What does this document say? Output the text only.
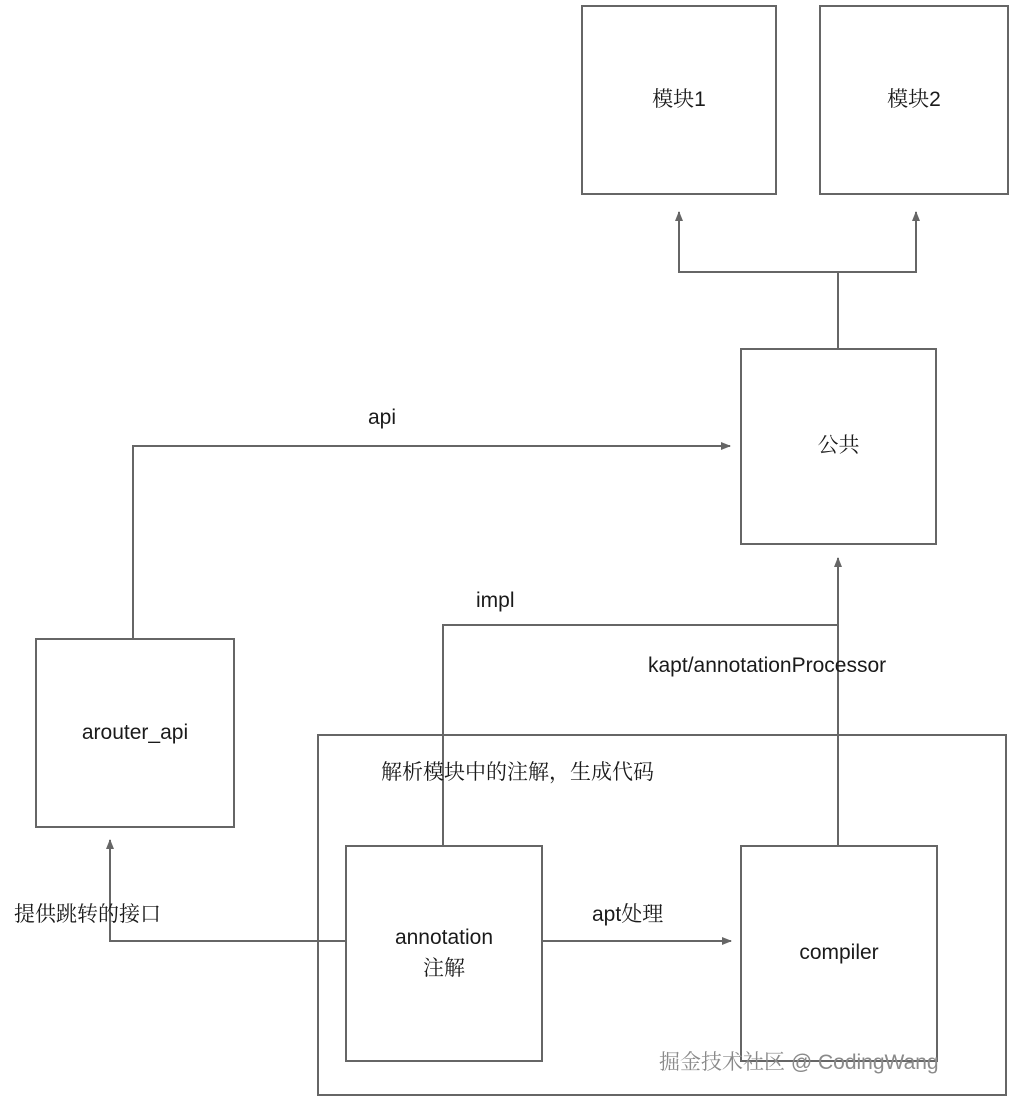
模块1	模块2
公共
arouter_api
annotation
注解
compiler
api
impl
kapt/annotationProcessor
apt处理
提供跳转的接口
解析模块中的注解，生成代码
掘金技术社区 @ CodingWang
